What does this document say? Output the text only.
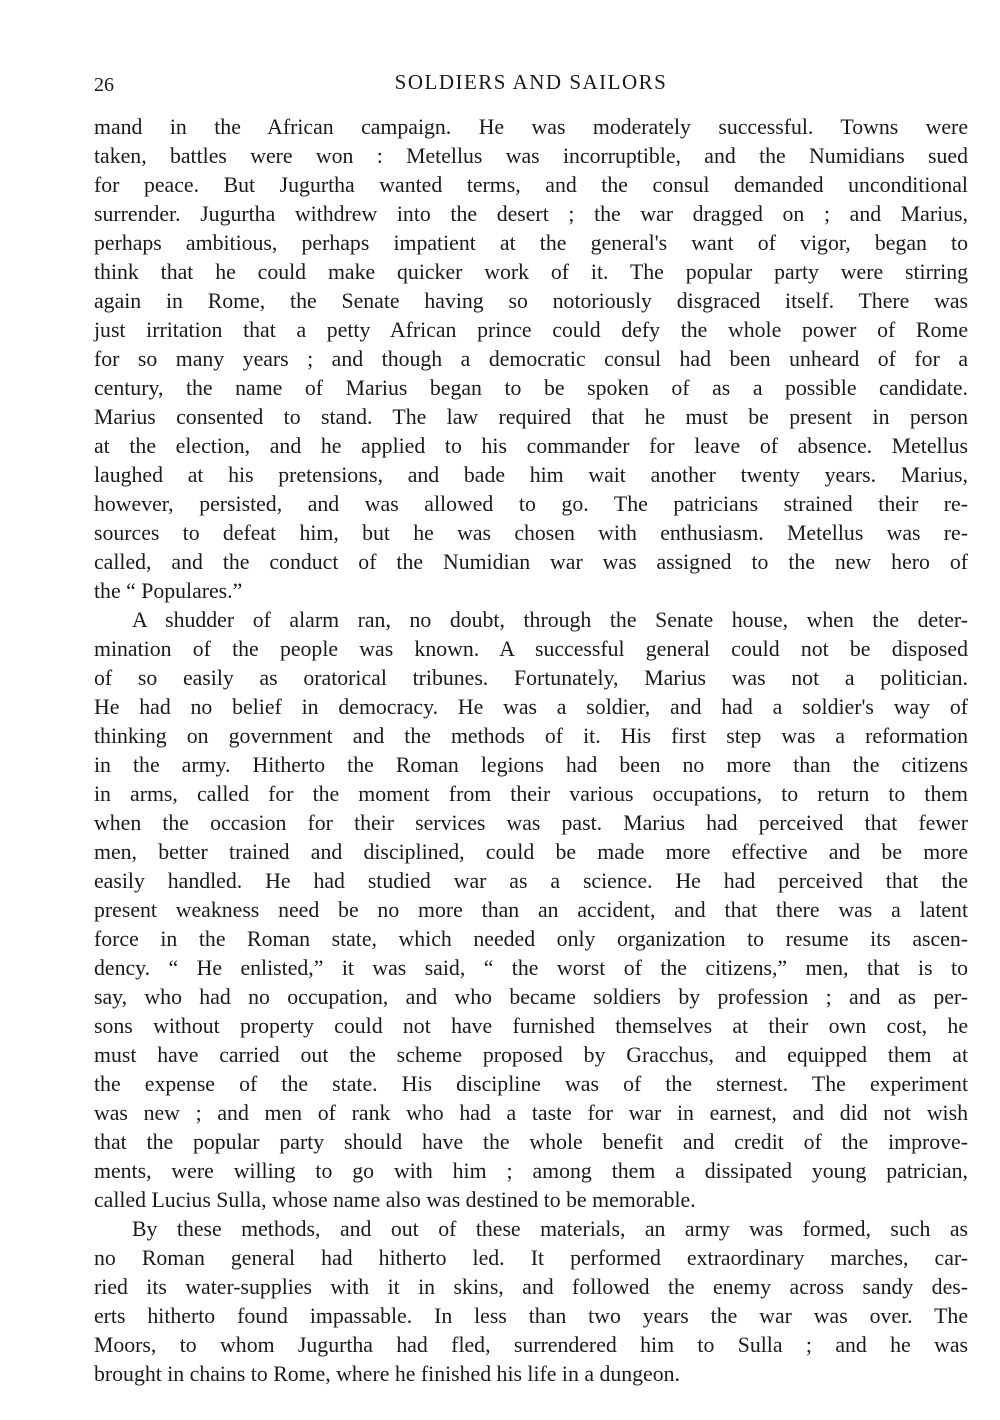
26	SOLDIERS AND SAILORS

mand in the African campaign. He was moderately successful. Towns were
taken, battles were won : Metellus was incorruptible, and the Numidians sued
for peace. But Jugurtha wanted terms, and the consul demanded unconditional
surrender. Jugurtha withdrew into the desert ; the war dragged on ; and Marius,
perhaps ambitious, perhaps impatient at the general's want of vigor, began to
think that he could make quicker work of it. The popular party were stirring
again in Rome, the Senate having so notoriously disgraced itself. There was
just irritation that a petty African prince could defy the whole power of Rome
for so many years ; and though a democratic consul had been unheard of for a
century, the name of Marius began to be spoken of as a possible candidate.
Marius consented to stand. The law required that he must be present in person
at the election, and he applied to his commander for leave of absence. Metellus
laughed at his pretensions, and bade him wait another twenty years. Marius,
however, persisted, and was allowed to go. The patricians strained their re-
sources to defeat him, but he was chosen with enthusiasm. Metellus was re-
called, and the conduct of the Numidian war was assigned to the new hero of
the “ Populares.”

A shudder of alarm ran, no doubt, through the Senate house, when the deter-
mination of the people was known. A successful general could not be disposed
of so easily as oratorical tribunes. Fortunately, Marius was not a politician.
He had no belief in democracy. He was a soldier, and had a soldier's way of
thinking on government and the methods of it. His first step was a reformation
in the army. Hitherto the Roman legions had been no more than the citizens
in arms, called for the moment from their various occupations, to return to them
when the occasion for their services was past. Marius had perceived that fewer
men, better trained and disciplined, could be made more effective and be more
easily handled. He had studied war as a science. He had perceived that the
present weakness need be no more than an accident, and that there was a latent
force in the Roman state, which needed only organization to resume its ascen-
dency. “ He enlisted,” it was said, “ the worst of the citizens,” men, that is to
say, who had no occupation, and who became soldiers by profession ; and as per-
sons without property could not have furnished themselves at their own cost, he
must have carried out the scheme proposed by Gracchus, and equipped them at
the expense of the state. His discipline was of the sternest. The experiment
was new ; and men of rank who had a taste for war in earnest, and did not wish
that the popular party should have the whole benefit and credit of the improve-
ments, were willing to go with him ; among them a dissipated young patrician,
called Lucius Sulla, whose name also was destined to be memorable.

By these methods, and out of these materials, an army was formed, such as
no Roman general had hitherto led. It performed extraordinary marches, car-
ried its water-supplies with it in skins, and followed the enemy across sandy des-
erts hitherto found impassable. In less than two years the war was over. The
Moors, to whom Jugurtha had fled, surrendered him to Sulla ; and he was
brought in chains to Rome, where he finished his life in a dungeon.
